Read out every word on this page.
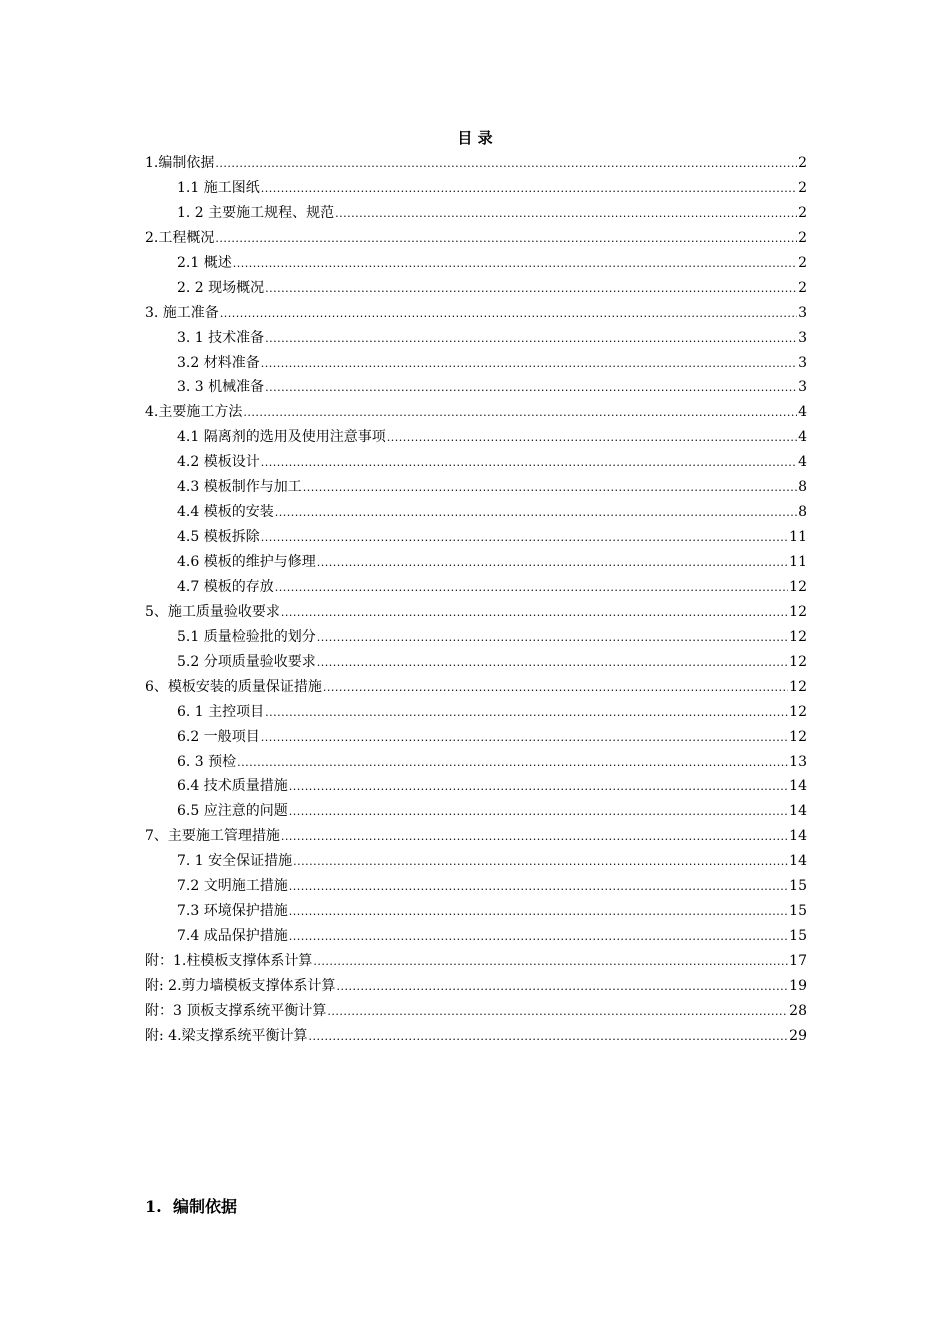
目 录
1.编制依据 .....	2
1.1 施工图纸 .....	2
1. 2 主要施工规程、规范 .....	2
2.工程概况 .....	2
2.1 概述 .....	2
2. 2 现场概况 .....	2
3. 施工准备 .....	3
3. 1 技术准备 .....	3
3.2 材料准备 .....	3
3. 3 机械准备 .....	3
4.主要施工方法 .....	4
4.1 隔离剂的选用及使用注意事项 .....	4
4.2 模板设计 .....	4
4.3 模板制作与加工 .....	8
4.4 模板的安装 .....	8
4.5 模板拆除 .....	11
4.6 模板的维护与修理 .....	11
4.7 模板的存放 .....	12
5、施工质量验收要求 .....	12
5.1 质量检验批的划分 .....	12
5.2 分项质量验收要求 .....	12
6、模板安装的质量保证措施 .....	12
6. 1 主控项目 .....	12
6.2 一般项目 .....	12
6. 3 预检 .....	13
6.4 技术质量措施 .....	14
6.5 应注意的问题 .....	14
7、主要施工管理措施 .....	14
7. 1 安全保证措施 .....	14
7.2 文明施工措施 .....	15
7.3 环境保护措施 .....	15
7.4 成品保护措施 .....	15
附：1.柱模板支撑体系计算 .....	17
附: 2.剪力墙模板支撑体系计算 .....	19
附：3 顶板支撑系统平衡计算 .....	28
附: 4.梁支撑系统平衡计算 .....	29
1. 编制依据
